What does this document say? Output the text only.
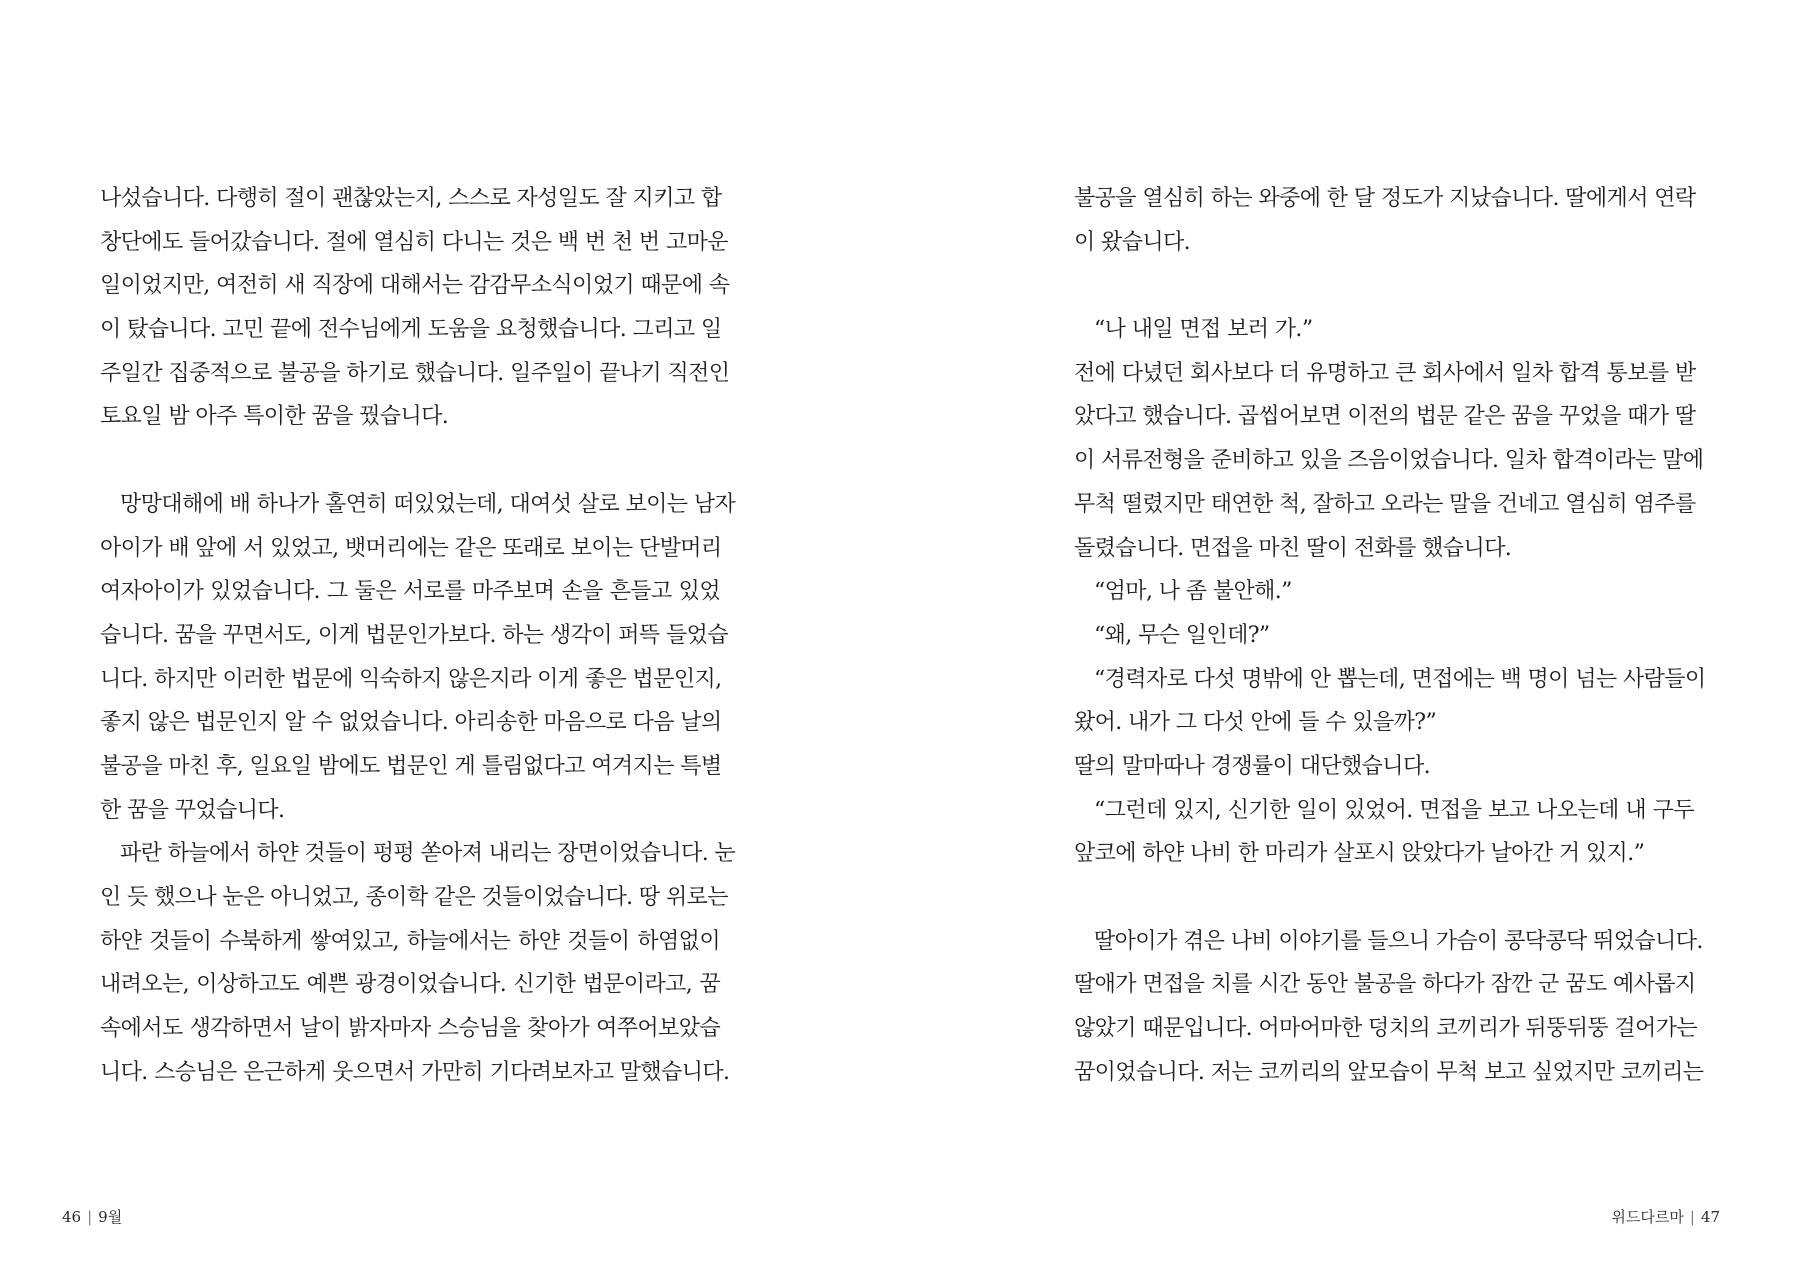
나섰습니다. 다행히 절이 괜찮았는지, 스스로 자성일도 잘 지키고 합
창단에도 들어갔습니다. 절에 열심히 다니는 것은 백 번 천 번 고마운
일이었지만, 여전히 새 직장에 대해서는 감감무소식이었기 때문에 속
이 탔습니다. 고민 끝에 전수님에게 도움을 요청했습니다. 그리고 일
주일간 집중적으로 불공을 하기로 했습니다. 일주일이 끝나기 직전인
토요일 밤 아주 특이한 꿈을 꿨습니다.
망망대해에 배 하나가 홀연히 떠있었는데, 대여섯 살로 보이는 남자
아이가 배 앞에 서 있었고, 뱃머리에는 같은 또래로 보이는 단발머리
여자아이가 있었습니다. 그 둘은 서로를 마주보며 손을 흔들고 있었
습니다. 꿈을 꾸면서도, 이게 법문인가보다. 하는 생각이 퍼뜩 들었습
니다. 하지만 이러한 법문에 익숙하지 않은지라 이게 좋은 법문인지,
좋지 않은 법문인지 알 수 없었습니다. 아리송한 마음으로 다음 날의
불공을 마친 후, 일요일 밤에도 법문인 게 틀림없다고 여겨지는 특별
한 꿈을 꾸었습니다.
파란 하늘에서 하얀 것들이 펑펑 쏟아져 내리는 장면이었습니다. 눈
인 듯 했으나 눈은 아니었고, 종이학 같은 것들이었습니다. 땅 위로는
하얀 것들이 수북하게 쌓여있고, 하늘에서는 하얀 것들이 하염없이
내려오는, 이상하고도 예쁜 광경이었습니다. 신기한 법문이라고, 꿈
속에서도 생각하면서 날이 밝자마자 스승님을 찾아가 여쭈어보았습
니다. 스승님은 은근하게 웃으면서 가만히 기다려보자고 말했습니다.
46 | 9월
불공을 열심히 하는 와중에 한 달 정도가 지났습니다. 딸에게서 연락
이 왔습니다.
“나 내일 면접 보러 가.”
전에 다녔던 회사보다 더 유명하고 큰 회사에서 일차 합격 통보를 받
았다고 했습니다. 곱씹어보면 이전의 법문 같은 꿈을 꾸었을 때가 딸
이 서류전형을 준비하고 있을 즈음이었습니다. 일차 합격이라는 말에
무척 떨렸지만 태연한 척, 잘하고 오라는 말을 건네고 열심히 염주를
돌렸습니다. 면접을 마친 딸이 전화를 했습니다.
“엄마, 나 좀 불안해.”
“왜, 무슨 일인데?”
“경력자로 다섯 명밖에 안 뽑는데, 면접에는 백 명이 넘는 사람들이
왔어. 내가 그 다섯 안에 들 수 있을까?”
딸의 말마따나 경쟁률이 대단했습니다.
“그런데 있지, 신기한 일이 있었어. 면접을 보고 나오는데 내 구두
앞코에 하얀 나비 한 마리가 살포시 앉았다가 날아간 거 있지.”
딸아이가 겪은 나비 이야기를 들으니 가슴이 콩닥콩닥 뛰었습니다.
딸애가 면접을 치를 시간 동안 불공을 하다가 잠깐 군 꿈도 예사롭지
않았기 때문입니다. 어마어마한 덩치의 코끼리가 뒤뚱뒤뚱 걸어가는
꿈이었습니다. 저는 코끼리의 앞모습이 무척 보고 싶었지만 코끼리는
위드다르마 | 47
